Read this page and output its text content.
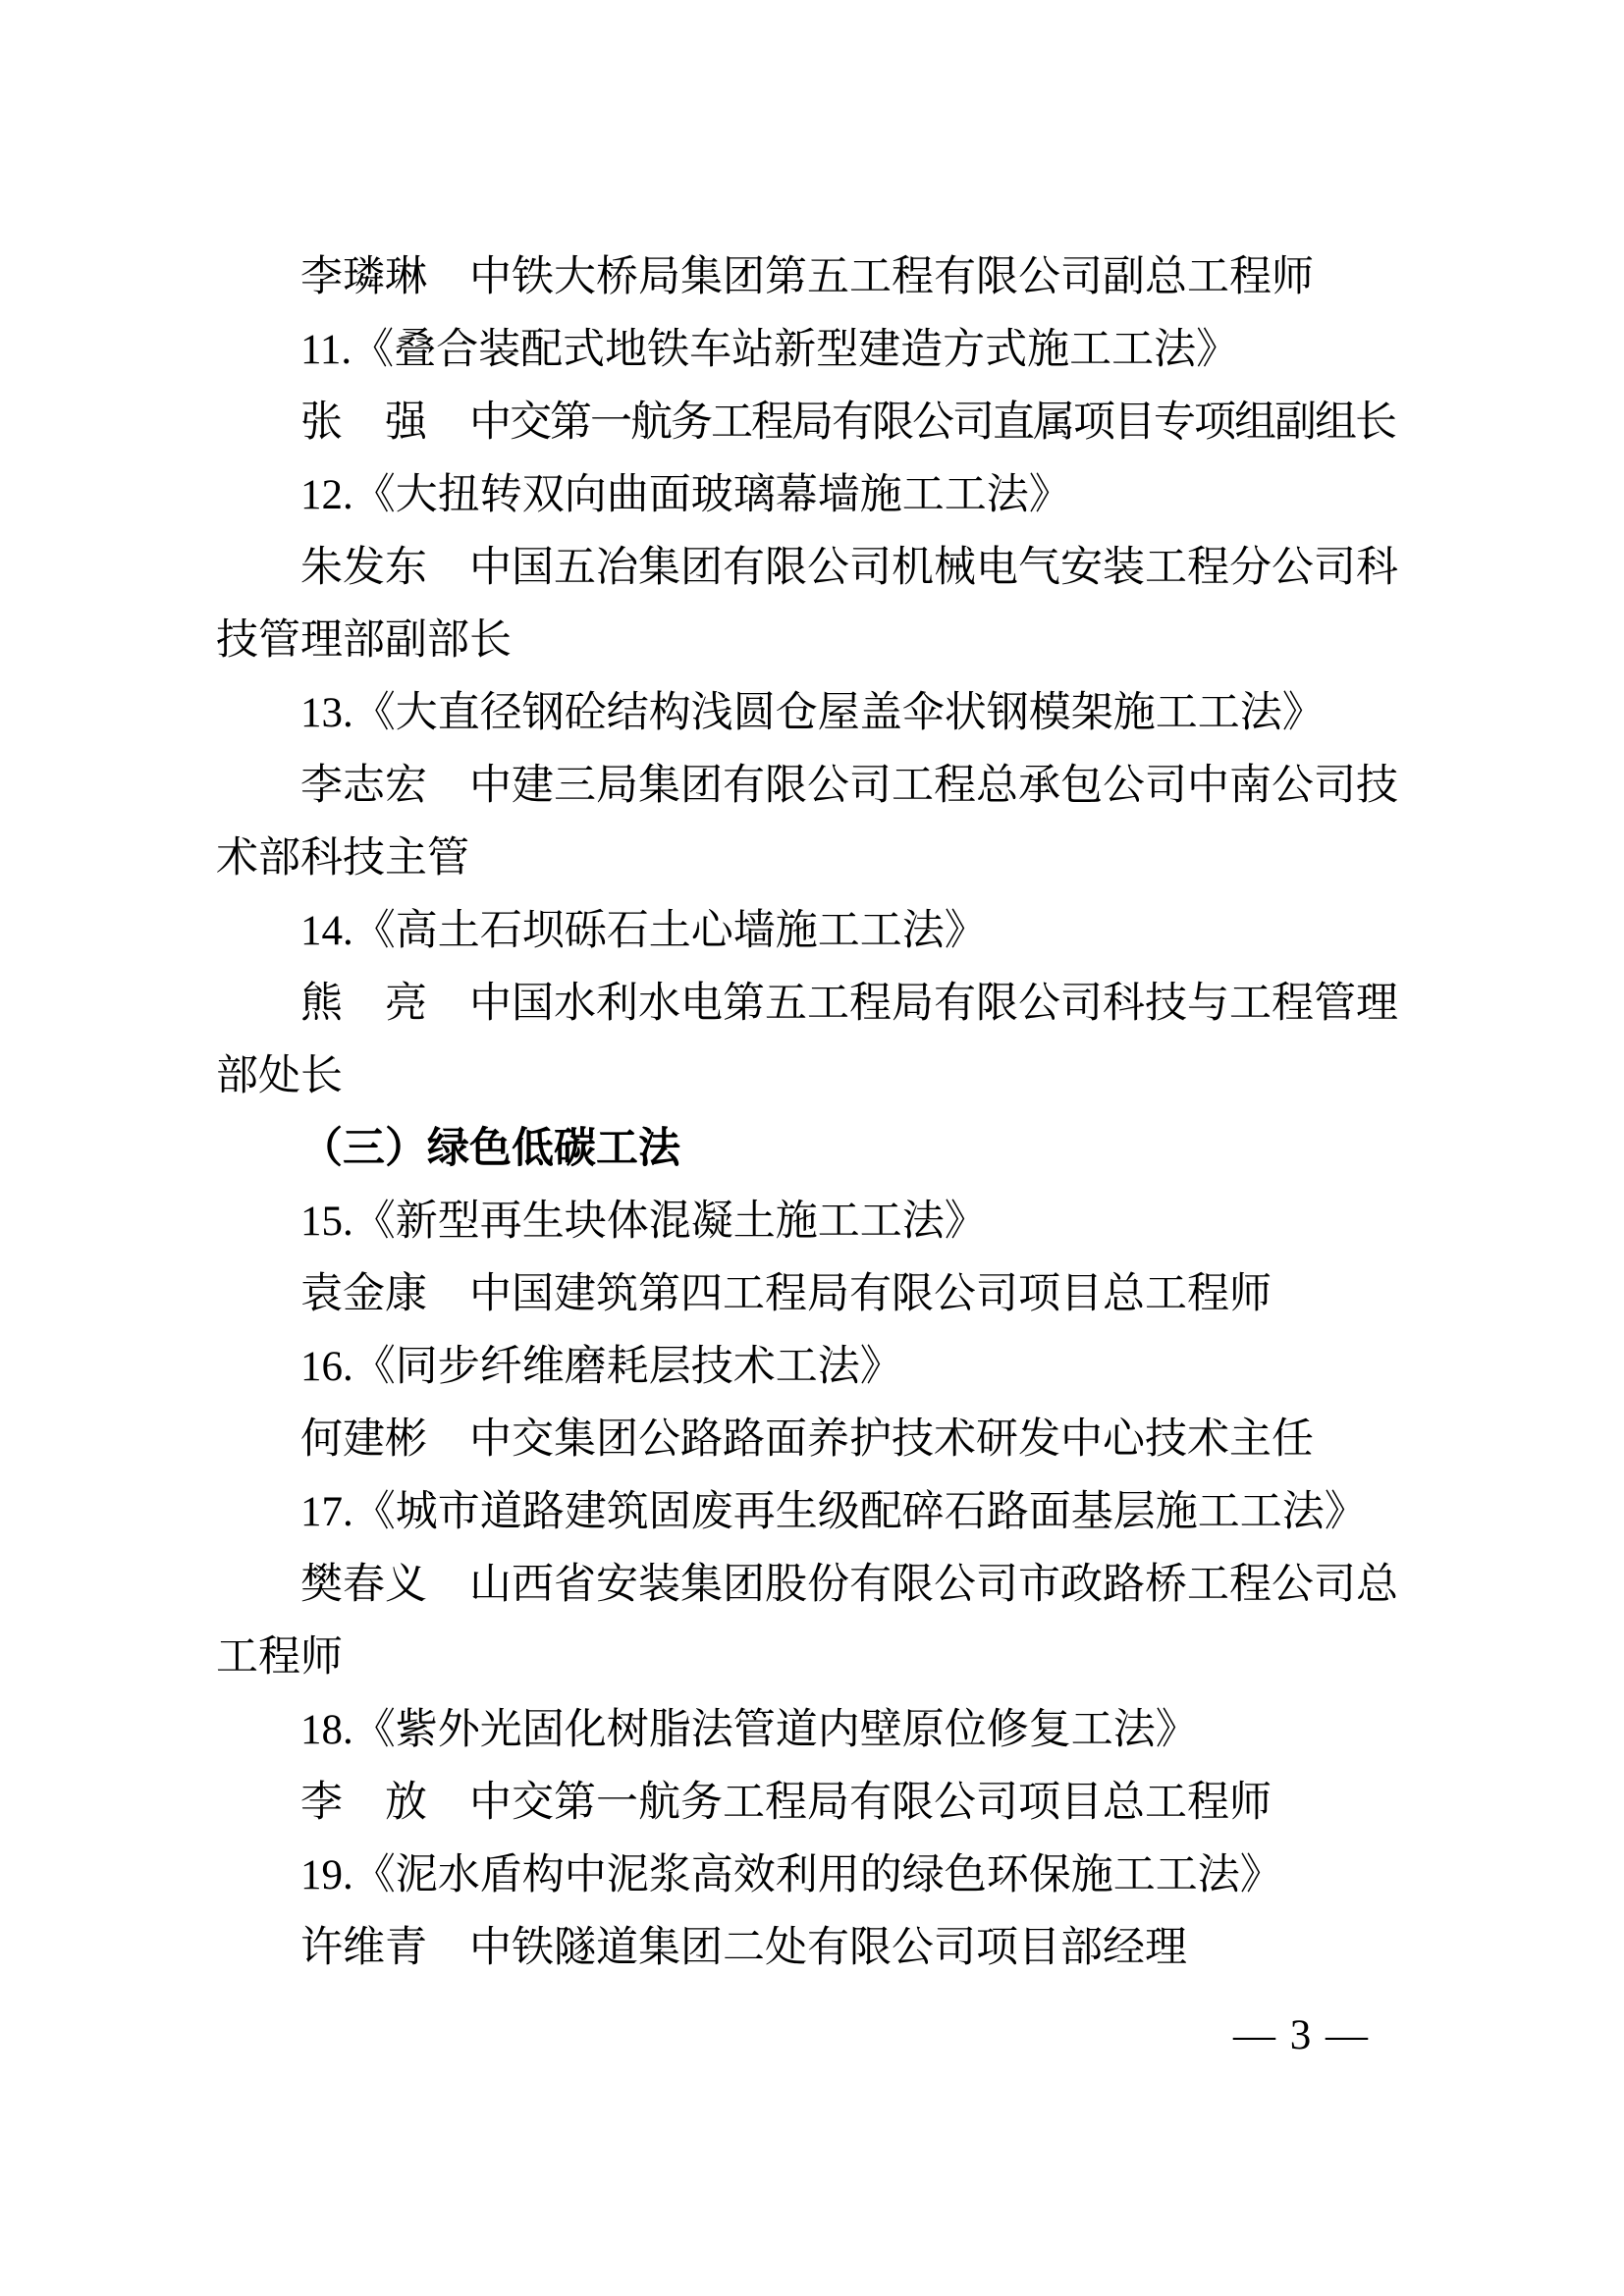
李璘琳 中铁大桥局集团第五工程有限公司副总工程师

11.《叠合装配式地铁车站新型建造方式施工工法》

张　强 中交第一航务工程局有限公司直属项目专项组副组长

12.《大扭转双向曲面玻璃幕墙施工工法》

朱发东 中国五冶集团有限公司机械电气安装工程分公司科技管理部副部长

13.《大直径钢砼结构浅圆仓屋盖伞状钢模架施工工法》

李志宏 中建三局集团有限公司工程总承包公司中南公司技术部科技主管

14.《高土石坝砾石土心墙施工工法》

熊　亮 中国水利水电第五工程局有限公司科技与工程管理部处长

（三）绿色低碳工法

15.《新型再生块体混凝土施工工法》

袁金康 中国建筑第四工程局有限公司项目总工程师

16.《同步纤维磨耗层技术工法》

何建彬 中交集团公路路面养护技术研发中心技术主任

17.《城市道路建筑固废再生级配碎石路面基层施工工法》

樊春义 山西省安装集团股份有限公司市政路桥工程公司总工程师

18.《紫外光固化树脂法管道内壁原位修复工法》

李　放 中交第一航务工程局有限公司项目总工程师

19.《泥水盾构中泥浆高效利用的绿色环保施工工法》

许维青 中铁隧道集团二处有限公司项目部经理

— 3 —
